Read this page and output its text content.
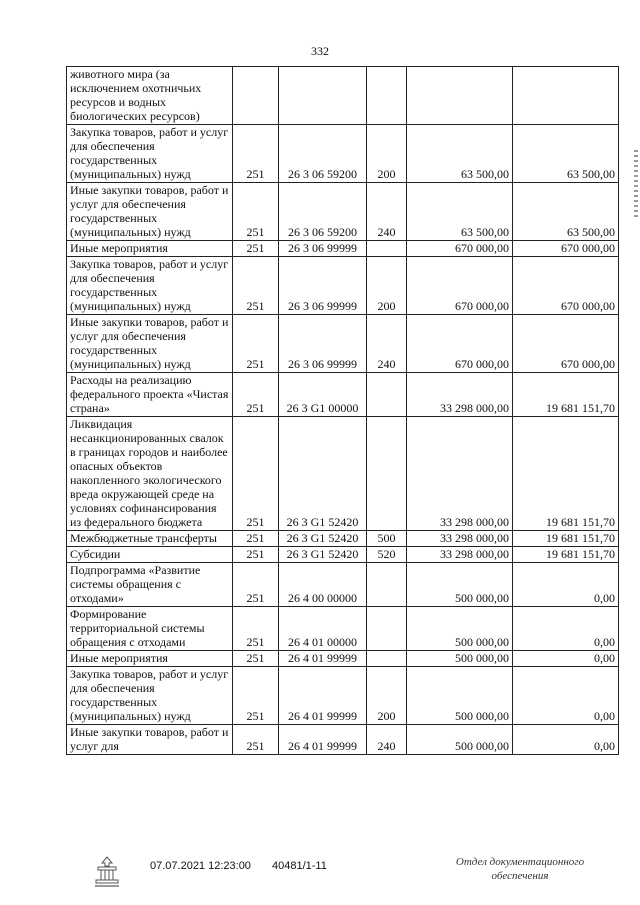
332
животного мира (за исключением охотничьих ресурсов и водных биологических ресурсов)					
Закупка товаров, работ и услуг для обеспечения государственных (муниципальных) нужд	251	26 3 06 59200	200	63 500,00	63 500,00
Иные закупки товаров, работ и услуг для обеспечения государственных (муниципальных) нужд	251	26 3 06 59200	240	63 500,00	63 500,00
Иные мероприятия	251	26 3 06 99999		670 000,00	670 000,00
Закупка товаров, работ и услуг для обеспечения государственных (муниципальных) нужд	251	26 3 06 99999	200	670 000,00	670 000,00
Иные закупки товаров, работ и услуг для обеспечения государственных (муниципальных) нужд	251	26 3 06 99999	240	670 000,00	670 000,00
Расходы на реализацию федерального проекта «Чистая страна»	251	26 3 G1 00000		33 298 000,00	19 681 151,70
Ликвидация несанкционированных свалок в границах городов и наиболее опасных объектов накопленного экологического вреда окружающей среде на условиях софинансирования из федерального бюджета	251	26 3 G1 52420		33 298 000,00	19 681 151,70
Межбюджетные трансферты	251	26 3 G1 52420	500	33 298 000,00	19 681 151,70
Субсидии	251	26 3 G1 52420	520	33 298 000,00	19 681 151,70
Подпрограмма «Развитие системы обращения с отходами»	251	26 4 00 00000		500 000,00	0,00
Формирование территориальной системы обращения с отходами	251	26 4 01 00000		500 000,00	0,00
Иные мероприятия	251	26 4 01 99999		500 000,00	0,00
Закупка товаров, работ и услуг для обеспечения государственных (муниципальных) нужд	251	26 4 01 99999	200	500 000,00	0,00
Иные закупки товаров, работ и услуг для	251	26 4 01 99999	240	500 000,00	0,00
07.07.2021 12:23:00 40481/1-11	Отдел документационного обеспечения
